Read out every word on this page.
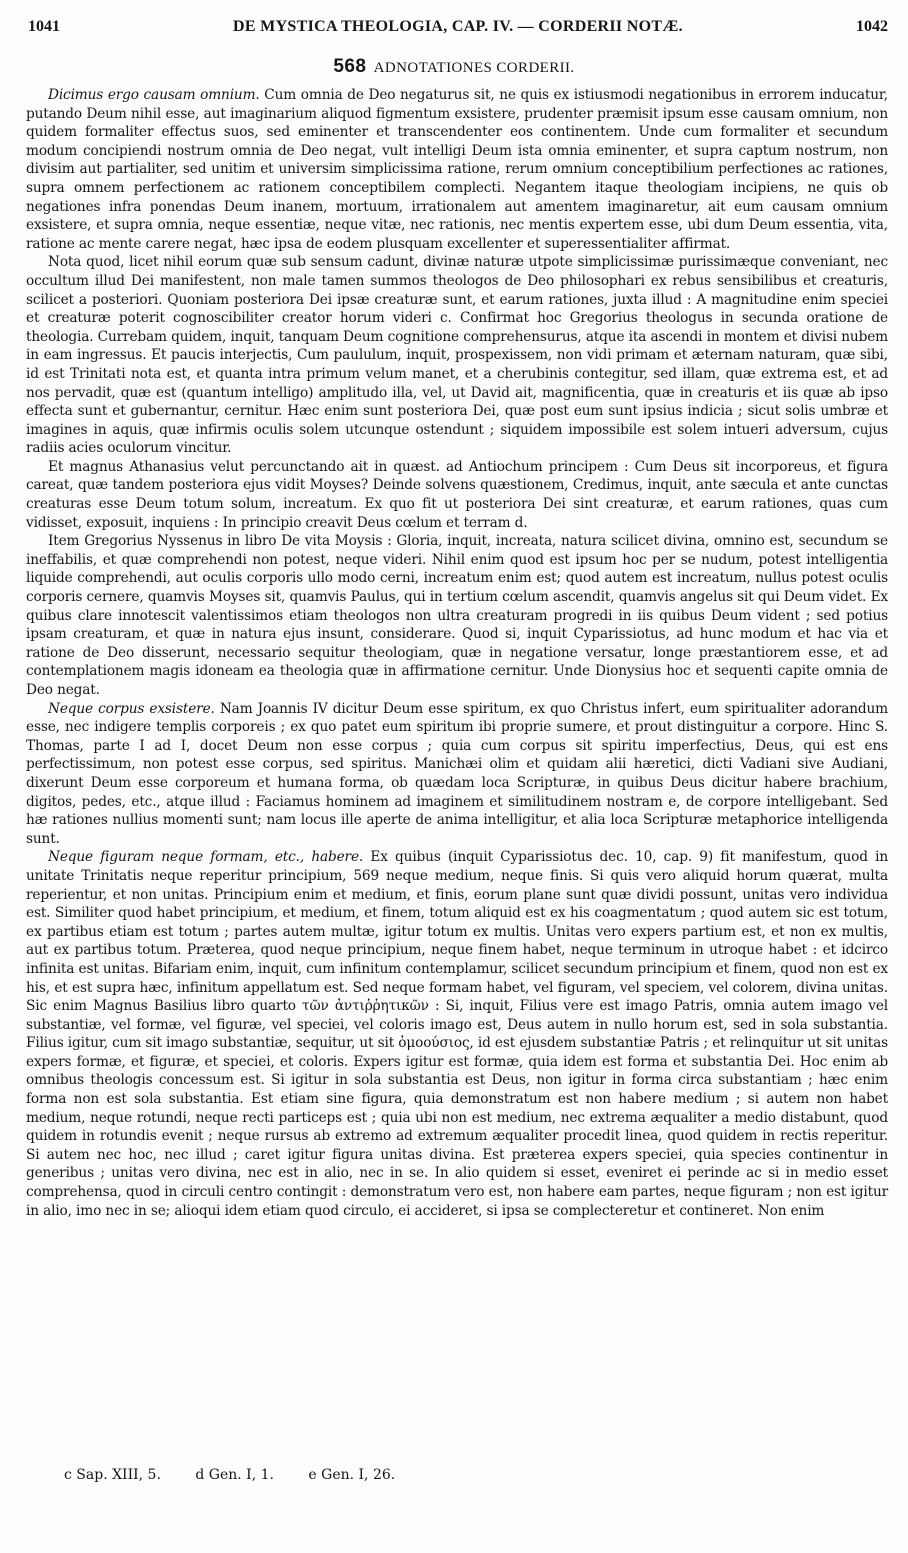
1041	DE MYSTICA THEOLOGIA, CAP. IV. — CORDERII NOTÆ.	1042
568 ADNOTATIONES CORDERII.

Dicimus ergo causam omnium. Cum omnia de Deo negaturus sit, ne quis ex istiusmodi negationibus in errorem inducatur, putando Deum nihil esse, aut imaginarium aliquod figmentum exsistere, prudenter præmisit ipsum esse causam omnium, non quidem formaliter effectus suos, sed eminenter et transcendenter eos continentem. Unde cum formaliter et secundum modum concipiendi nostrum omnia de Deo negat, vult intelligi Deum ista omnia eminenter, et supra captum nostrum, non divisim aut partialiter, sed unitim et universim simplicissima ratione, rerum omnium conceptibilium perfectiones ac rationes, supra omnem perfectionem ac rationem conceptibilem complecti. Negantem itaque theologiam incipiens, ne quis ob negationes infra ponendas Deum inanem, mortuum, irrationalem aut amentem imaginaretur, ait eum causam omnium exsistere, et supra omnia, neque essentiæ, neque vitæ, nec rationis, nec mentis expertem esse, ubi dum Deum essentia, vita, ratione ac mente carere negat, hæc ipsa de eodem plusquam excellenter et superessentialiter affirmat.

Nota quod, licet nihil eorum quæ sub sensum cadunt, divinæ naturæ utpote simplicissimæ purissimæque conveniant, nec occultum illud Dei manifestent, non male tamen summos theologos de Deo philosophari ex rebus sensibilibus et creaturis, scilicet a posteriori. Quoniam posteriora Dei ipsæ creaturæ sunt, et earum rationes, juxta illud : A magnitudine enim speciei et creaturæ poterit cognoscibiliter creator horum videri c. Confirmat hoc Gregorius theologus in secunda oratione de theologia. Currebam quidem, inquit, tanquam Deum cognitione comprehensurus, atque ita ascendi in montem et divisi nubem in eam ingressus. Et paucis interjectis, Cum paululum, inquit, prospexissem, non vidi primam et æternam naturam, quæ sibi, id est Trinitati nota est, et quanta intra primum velum manet, et a cherubinis contegitur, sed illam, quæ extrema est, et ad nos pervadit, quæ est (quantum intelligo) amplitudo illa, vel, ut David ait, magnificentia, quæ in creaturis et iis quæ ab ipso effecta sunt et gubernantur, cernitur. Hæc enim sunt posteriora Dei, quæ post eum sunt ipsius indicia ; sicut solis umbræ et imagines in aquis, quæ infirmis oculis solem utcunque ostendunt ; siquidem impossibile est solem intueri adversum, cujus radiis acies oculorum vincitur.

Et magnus Athanasius velut percunctando ait in quæst. ad Antiochum principem : Cum Deus sit incorporeus, et figura careat, quæ tandem posteriora ejus vidit Moyses? Deinde solvens quæstionem, Credimus, inquit, ante sæcula et ante cunctas creaturas esse Deum totum solum, increatum. Ex quo fit ut posteriora Dei sint creaturæ, et earum rationes, quas cum vidisset, exposuit, inquiens : In principio creavit Deus cœlum et terram d.

Item Gregorius Nyssenus in libro De vita Moysis : Gloria, inquit, increata, natura scilicet divina, omnino est, secundum se ineffabilis, et quæ comprehendi non potest, neque videri. Nihil enim quod est ipsum hoc per se nudum, potest intelligentia liquide comprehendi, aut oculis corporis ullo modo cerni, increatum enim est; quod autem est increatum, nullus potest oculis corporis cernere, quamvis Moyses sit, quamvis Paulus, qui in tertium cœlum ascendit, quamvis angelus sit qui Deum videt. Ex quibus clare innotescit valentissimos etiam theologos non ultra creaturam progredi in iis quibus Deum vident ; sed potius ipsam creaturam, et quæ in natura ejus insunt, considerare. Quod si, inquit Cyparissiotus, ad hunc modum et hac via et ratione de Deo disserunt, necessario sequitur theologiam, quæ in negatione versatur, longe præstantiorem esse, et ad contemplationem magis idoneam ea theologia quæ in affirmatione cernitur. Unde Dionysius hoc et sequenti capite omnia de Deo negat.

Neque corpus exsistere. Nam Joannis IV dicitur Deum esse spiritum, ex quo Christus infert, eum spiritualiter adorandum esse, nec indigere templis corporeis ; ex quo patet eum spiritum ibi proprie sumere, et prout distinguitur a corpore. Hinc S. Thomas, parte I ad I, docet Deum non esse corpus ; quia cum corpus sit spiritu imperfectius, Deus, qui est ens perfectissimum, non potest esse corpus, sed spiritus. Manichæi olim et quidam alii hæretici, dicti Vadiani sive Audiani, dixerunt Deum esse corporeum et humana forma, ob quædam loca Scripturæ, in quibus Deus dicitur habere brachium, digitos, pedes, etc., atque illud : Faciamus hominem ad imaginem et similitudinem nostram e, de corpore intelligebant. Sed hæ rationes nullius momenti sunt; nam locus ille aperte de anima intelligitur, et alia loca Scripturæ metaphorice intelligenda sunt.

Neque figuram neque formam, etc., habere. Ex quibus (inquit Cyparissiotus dec. 10, cap. 9) fit manifestum, quod in unitate Trinitatis neque reperitur principium, 569 neque medium, neque finis. Si quis vero aliquid horum quærat, multa reperientur, et non unitas. Principium enim et medium, et finis, eorum plane sunt quæ dividi possunt, unitas vero individua est. Similiter quod habet principium, et medium, et finem, totum aliquid est ex his coagmentatum ; quod autem sic est totum, ex partibus etiam est totum ; partes autem multæ, igitur totum ex multis. Unitas vero expers partium est, et non ex multis, aut ex partibus totum. Præterea, quod neque principium, neque finem habet, neque terminum in utroque habet : et idcirco infinita est unitas. Bifariam enim, inquit, cum infinitum contemplamur, scilicet secundum principium et finem, quod non est ex his, et est supra hæc, infinitum appellatum est. Sed neque formam habet, vel figuram, vel speciem, vel colorem, divina unitas. Sic enim Magnus Basilius libro quarto τῶν ἀντιῤῥητικῶν : Si, inquit, Filius vere est imago Patris, omnia autem imago vel substantiæ, vel formæ, vel figuræ, vel speciei, vel coloris imago est, Deus autem in nullo horum est, sed in sola substantia. Filius igitur, cum sit imago substantiæ, sequitur, ut sit ὁμοούσιος, id est ejusdem substantiæ Patris ; et relinquitur ut sit unitas expers formæ, et figuræ, et speciei, et coloris. Expers igitur est formæ, quia idem est forma et substantia Dei. Hoc enim ab omnibus theologis concessum est. Si igitur in sola substantia est Deus, non igitur in forma circa substantiam ; hæc enim forma non est sola substantia. Est etiam sine figura, quia demonstratum est non habere medium ; si autem non habet medium, neque rotundi, neque recti particeps est ; quia ubi non est medium, nec extrema æqualiter a medio distabunt, quod quidem in rotundis evenit ; neque rursus ab extremo ad extremum æqualiter procedit linea, quod quidem in rectis reperitur. Si autem nec hoc, nec illud ; caret igitur figura unitas divina. Est præterea expers speciei, quia species continentur in generibus ; unitas vero divina, nec est in alio, nec in se. In alio quidem si esset, eveniret ei perinde ac si in medio esset comprehensa, quod in circuli centro contingit : demonstratum vero est, non habere eam partes, neque figuram ; non est igitur in alio, imo nec in se; alioqui idem etiam quod circulo, ei accideret, si ipsa se complecteretur et contineret. Non enim

c Sap. XIII, 5. d Gen. I, 1. e Gen. I, 26.
